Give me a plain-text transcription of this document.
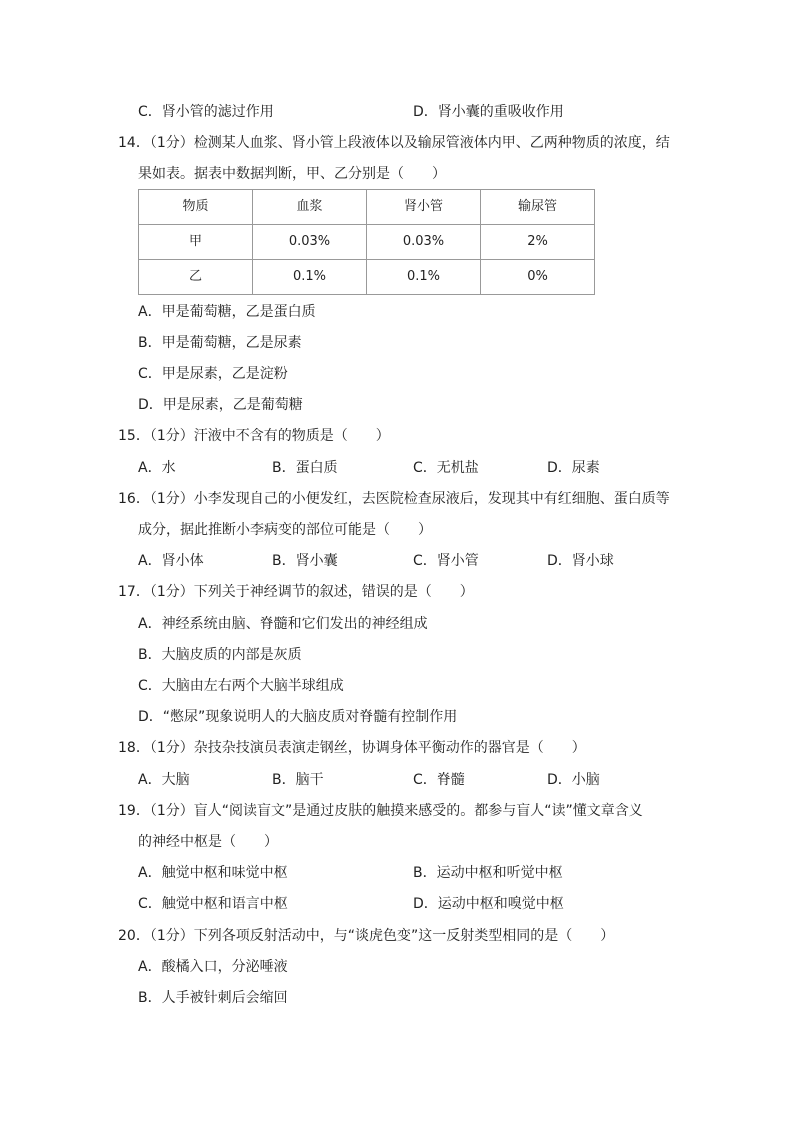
C．肾小管的滤过作用	D．肾小囊的重吸收作用
14．（1分）检测某人血浆、肾小管上段液体以及输尿管液体内甲、乙两种物质的浓度，结
果如表。据表中数据判断，甲、乙分别是（　　）
物质	血浆	肾小管	输尿管
甲	0.03%	0.03%	2%
乙	0.1%	0.1%	0%
A．甲是葡萄糖，乙是蛋白质
B．甲是葡萄糖，乙是尿素
C．甲是尿素，乙是淀粉
D．甲是尿素，乙是葡萄糖
15．（1分）汗液中不含有的物质是（　　）
A．水	B．蛋白质	C．无机盐	D．尿素
16．（1分）小李发现自己的小便发红，去医院检查尿液后，发现其中有红细胞、蛋白质等
成分，据此推断小李病变的部位可能是（　　）
A．肾小体	B．肾小囊	C．肾小管	D．肾小球
17．（1分）下列关于神经调节的叙述，错误的是（　　）
A．神经系统由脑、脊髓和它们发出的神经组成
B．大脑皮质的内部是灰质
C．大脑由左右两个大脑半球组成
D．“憋尿”现象说明人的大脑皮质对脊髓有控制作用
18．（1分）杂技杂技演员表演走钢丝，协调身体平衡动作的器官是（　　）
A．大脑	B．脑干	C．脊髓	D．小脑
19．（1分）盲人“阅读盲文”是通过皮肤的触摸来感受的。都参与盲人“读”懂文章含义
的神经中枢是（　　）
A．触觉中枢和味觉中枢	B．运动中枢和听觉中枢
C．触觉中枢和语言中枢	D．运动中枢和嗅觉中枢
20．（1分）下列各项反射活动中，与“谈虎色变”这一反射类型相同的是（　　）
A．酸橘入口，分泌唾液
B．人手被针刺后会缩回
